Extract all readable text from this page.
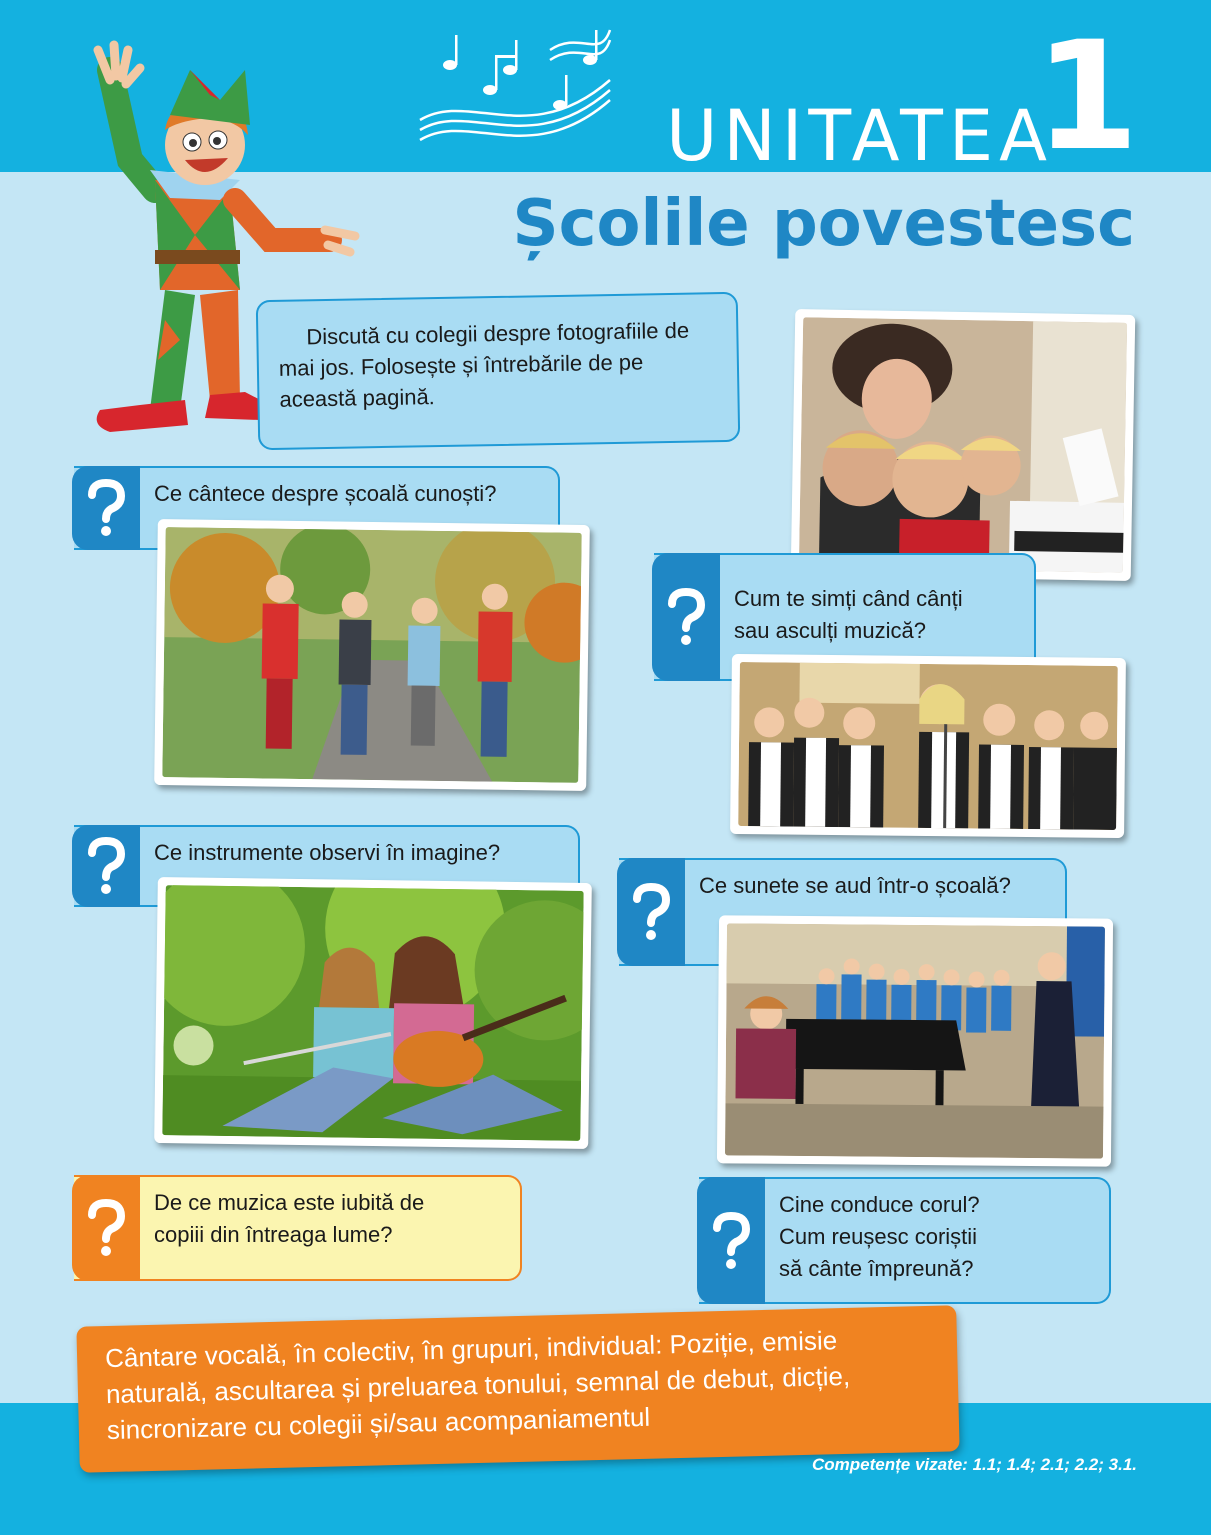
UNITATEA
1
Școlile povestesc

Discută cu colegii despre fotografiile de mai jos. Folosește și întrebările de pe această pagină.

Ce cântece despre școală cunoști?
Cum te simți când cânți
sau asculți muzică?
Ce instrumente observi în imagine?
Ce sunete se aud într-o școală?
De ce muzica este iubită de
copiii din întreaga lume?
Cine conduce corul?
Cum reușesc coriștii
să cânte împreună?
Cântare vocală, în colectiv, în grupuri, individual: Poziție, emisie
naturală, ascultarea și preluarea tonului, semnal de debut, dicție,
sincronizare cu colegii și/sau acompaniamentul
Competențe vizate: 1.1; 1.4; 2.1; 2.2; 3.1.
